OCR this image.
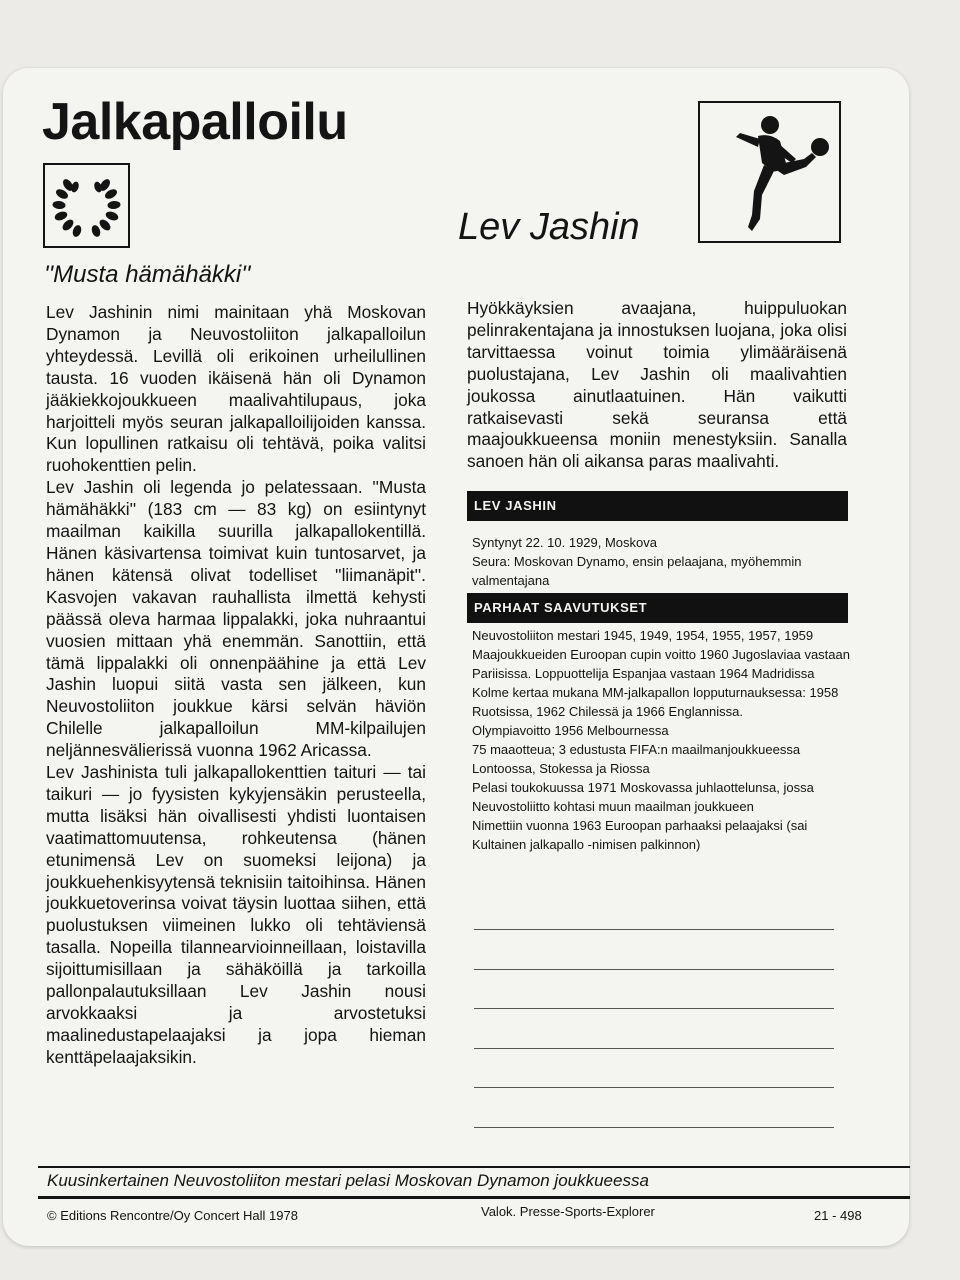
Jalkapalloilu
Lev Jashin
''Musta hämähäkki''

Lev Jashinin nimi mainitaan yhä Moskovan Dynamon ja Neuvostoliiton jalkapalloilun yhteydessä. Levillä oli erikoinen urheilullinen tausta. 16 vuoden ikäisenä hän oli Dynamon jääkiekkojoukkueen maalivahtilupaus, joka harjoitteli myös seuran jalkapalloilijoiden kanssa. Kun lopullinen ratkaisu oli tehtävä, poika valitsi ruohokenttien pelin.

Lev Jashin oli legenda jo pelatessaan. ''Musta hämähäkki'' (183 cm — 83 kg) on esiintynyt maailman kaikilla suurilla jalkapallokentillä. Hänen käsivartensa toimivat kuin tuntosarvet, ja hänen kätensä olivat todelliset ''liimanäpit''. Kasvojen vakavan rauhallista ilmettä kehysti päässä oleva harmaa lippalakki, joka nuhraantui vuosien mittaan yhä enemmän. Sanottiin, että tämä lippalakki oli onnenpäähine ja että Lev Jashin luopui siitä vasta sen jälkeen, kun Neuvostoliiton joukkue kärsi selvän häviön Chilelle jalkapalloilun MM-kilpailujen neljännesvälierissä vuonna 1962 Aricassa.

Lev Jashinista tuli jalkapallokenttien taituri — tai taikuri — jo fyysisten kykyjensäkin perusteella, mutta lisäksi hän oivallisesti yhdisti luontaisen vaatimattomuutensa, rohkeutensa (hänen etunimensä Lev on suomeksi leijona) ja joukkuehenkisyytensä teknisiin taitoihinsa. Hänen joukkuetoverinsa voivat täysin luottaa siihen, että puolustuksen viimeinen lukko oli tehtäviensä tasalla. Nopeilla tilannearvioinneillaan, loistavilla sijoittumisillaan ja sähäköillä ja tarkoilla pallonpalautuksillaan Lev Jashin nousi arvokkaaksi ja arvostetuksi maalinedustapelaajaksi ja jopa hieman kenttäpelaajaksikin.

Hyökkäyksien avaajana, huippuluokan pelinrakentajana ja innostuksen luojana, joka olisi tarvittaessa voinut toimia ylimääräisenä puolustajana, Lev Jashin oli maalivahtien joukossa ainutlaatuinen. Hän vaikutti ratkaisevasti sekä seuransa että maajoukkueensa moniin menestyksiin. Sanalla sanoen hän oli aikansa paras maalivahti.

LEV JASHIN
Syntynyt 22. 10. 1929, Moskova
Seura: Moskovan Dynamo, ensin pelaajana, myöhemmin valmentajana
PARHAAT SAAVUTUKSET
Neuvostoliiton mestari 1945, 1949, 1954, 1955, 1957, 1959
Maajoukkueiden Euroopan cupin voitto 1960 Jugoslaviaa vastaan Pariisissa. Loppuottelija Espanjaa vastaan 1964 Madridissa
Kolme kertaa mukana MM-jalkapallon lopputurnauksessa: 1958 Ruotsissa, 1962 Chilessä ja 1966 Englannissa.
Olympiavoitto 1956 Melbournessa
75 maaotteua; 3 edustusta FIFA:n maailmanjoukkueessa Lontoossa, Stokessa ja Riossa
Pelasi toukokuussa 1971 Moskovassa juhlaottelunsa, jossa Neuvostoliitto kohtasi muun maailman joukkueen
Nimettiin vuonna 1963 Euroopan parhaaksi pelaajaksi (sai Kultainen jalkapallo -nimisen palkinnon)
Kuusinkertainen Neuvostoliiton mestari pelasi Moskovan Dynamon joukkueessa
© Editions Rencontre/Oy Concert Hall 1978	Valok. Presse-Sports-Explorer	21 - 498
